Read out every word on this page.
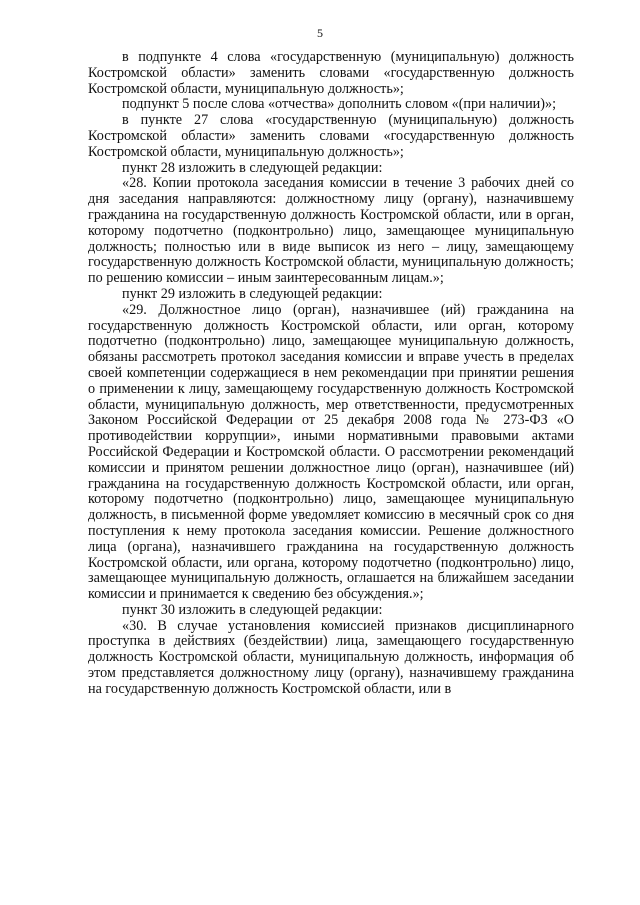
5

в подпункте 4 слова «государственную (муниципальную) должность Костромской области» заменить словами «государственную должность Костромской области, муниципальную должность»;

подпункт 5 после слова «отчества» дополнить словом «(при наличии)»;

в пункте 27 слова «государственную (муниципальную) должность Костромской области» заменить словами «государственную должность Костромской области, муниципальную должность»;

пункт 28 изложить в следующей редакции:

«28. Копии протокола заседания комиссии в течение 3 рабочих дней со дня заседания направляются: должностному лицу (органу), назначившему гражданина на государственную должность Костромской области, или в орган, которому подотчетно (подконтрольно) лицо, замещающее муниципальную должность; полностью или в виде выписок из него – лицу, замещающему государственную должность Костромской области, муниципальную должность; по решению комиссии – иным заинтересованным лицам.»;

пункт 29 изложить в следующей редакции:

«29. Должностное лицо (орган), назначившее (ий) гражданина на государственную должность Костромской области, или орган, которому подотчетно (подконтрольно) лицо, замещающее муниципальную должность, обязаны рассмотреть протокол заседания комиссии и вправе учесть в пределах своей компетенции содержащиеся в нем рекомендации при принятии решения о применении к лицу, замещающему государственную должность Костромской области, муниципальную должность, мер ответственности, предусмотренных Законом Российской Федерации от 25 декабря 2008 года № 273-ФЗ «О противодействии коррупции», иными нормативными правовыми актами Российской Федерации и Костромской области. О рассмотрении рекомендаций комиссии и принятом решении должностное лицо (орган), назначившее (ий) гражданина на государственную должность Костромской области, или орган, которому подотчетно (подконтрольно) лицо, замещающее муниципальную должность, в письменной форме уведомляет комиссию в месячный срок со дня поступления к нему протокола заседания комиссии. Решение должностного лица (органа), назначившего гражданина на государственную должность Костромской области, или органа, которому подотчетно (подконтрольно) лицо, замещающее муниципальную должность, оглашается на ближайшем заседании комиссии и принимается к сведению без обсуждения.»;

пункт 30 изложить в следующей редакции:

«30. В случае установления комиссией признаков дисциплинарного проступка в действиях (бездействии) лица, замещающего государственную должность Костромской области, муниципальную должность, информация об этом представляется должностному лицу (органу), назначившему гражданина на государственную должность Костромской области, или в
